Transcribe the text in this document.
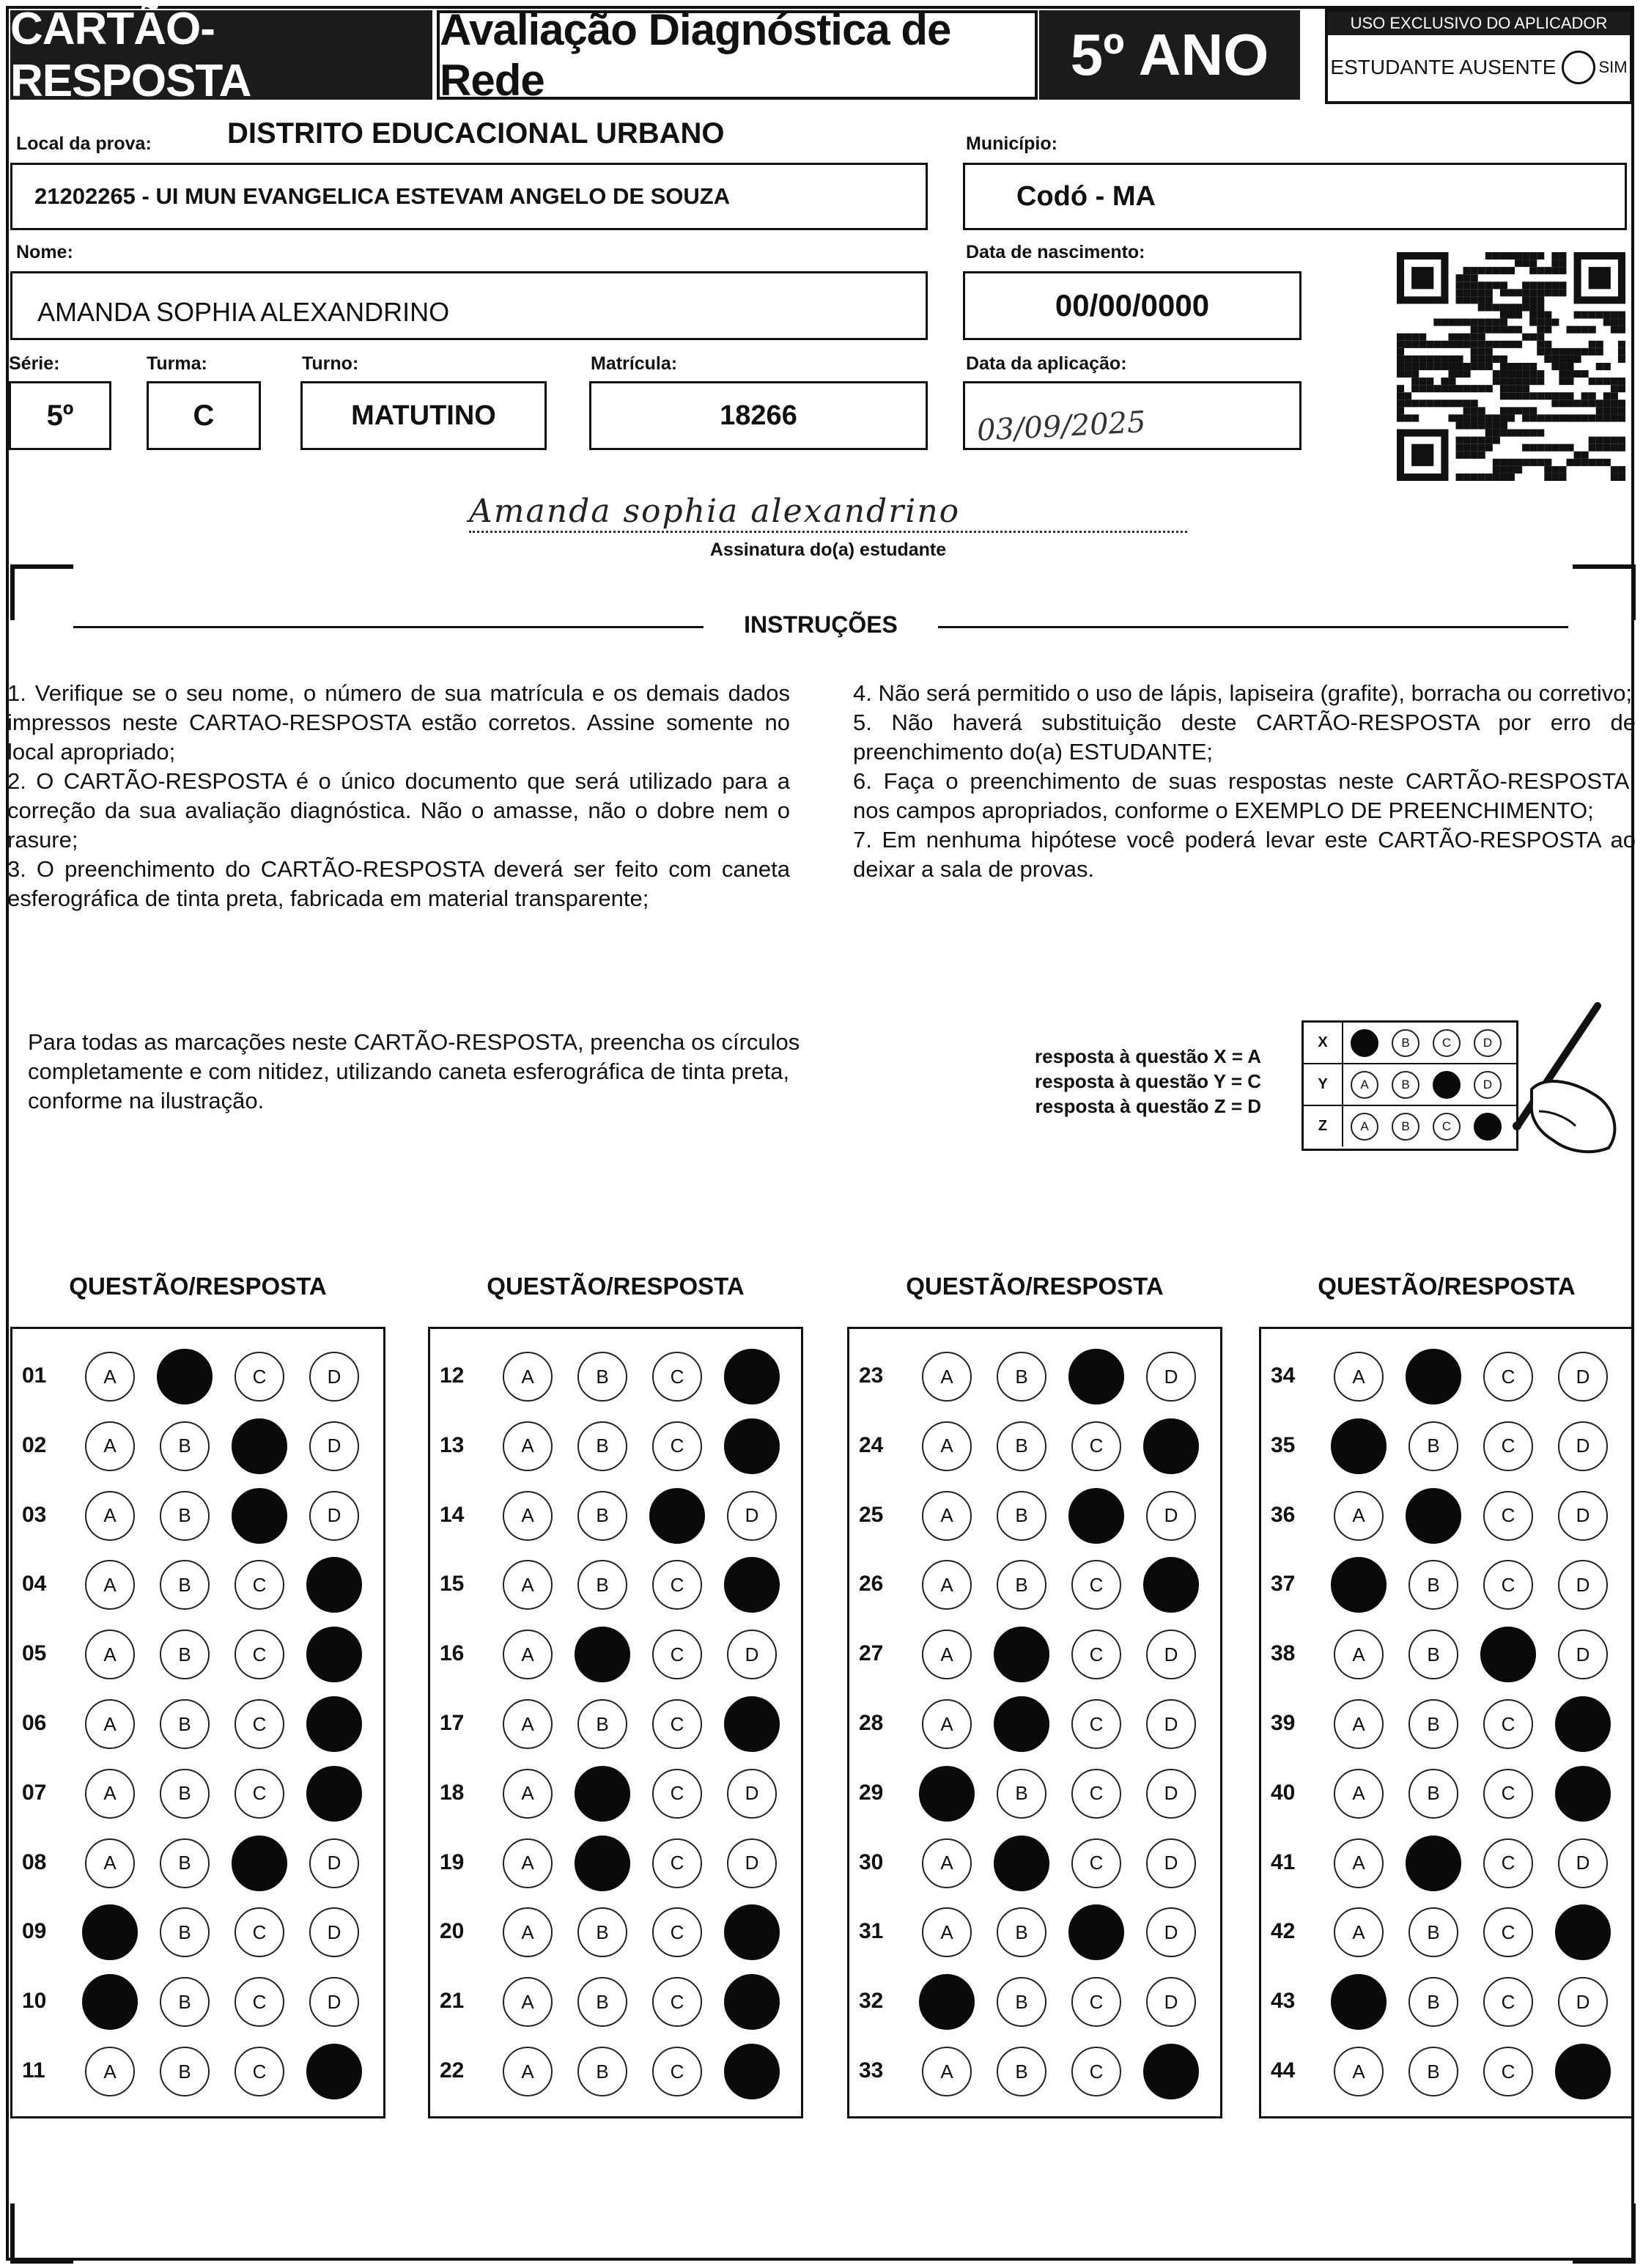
CARTÃO-RESPOSTA
Avaliação Diagnóstica de Rede	5º ANO	USO EXCLUSIVO DO APLICADOR
ESTUDANTE AUSENTE	SIM
Local da prova:	DISTRITO EDUCACIONAL URBANO
21202265 - UI MUN EVANGELICA ESTEVAM ANGELO DE SOUZA
Município:
Codó - MA
Nome:
AMANDA SOPHIA ALEXANDRINO
Data de nascimento:
00/00/0000
Série:
5º
Turma:
C
Turno:
MATUTINO
Matrícula:
18266
Data da aplicação:
03/09/2025
Amanda sophia alexandrino
Assinatura do(a) estudante
INSTRUÇÕES

1. Verifique se o seu nome, o número de sua matrícula e os demais dados impressos neste CARTAO-RESPOSTA estão corretos. Assine somente no local apropriado;

2. O CARTÃO-RESPOSTA é o único documento que será utilizado para a correção da sua avaliação diagnóstica. Não o amasse, não o dobre nem o rasure;

3. O preenchimento do CARTÃO-RESPOSTA deverá ser feito com caneta esferográfica de tinta preta, fabricada em material transparente;

4. Não será permitido o uso de lápis, lapiseira (grafite), borracha ou corretivo;

5. Não haverá substituição deste CARTÃO-RESPOSTA por erro de preenchimento do(a) ESTUDANTE;

6. Faça o preenchimento de suas respostas neste CARTÃO-RESPOSTA, nos campos apropriados, conforme o EXEMPLO DE PREENCHIMENTO;

7. Em nenhuma hipótese você poderá levar este CARTÃO-RESPOSTA ao deixar a sala de provas.

Para todas as marcações neste CARTÃO-RESPOSTA, preencha os círculos completamente e com nitidez, utilizando caneta esferográfica de tinta preta, conforme na ilustração.
resposta à questão X = A
resposta à questão Y = C
resposta à questão Z = D
X	A	B	C	D
Y	A	B	C	D
Z	A	B	C	D
QUESTÃO/RESPOSTA
01	A	B	C	D
02	A	B	C	D
03	A	B	C	D
04	A	B	C	D
05	A	B	C	D
06	A	B	C	D
07	A	B	C	D
08	A	B	C	D
09	A	B	C	D
10	A	B	C	D
11	A	B	C	D
QUESTÃO/RESPOSTA
12	A	B	C	D
13	A	B	C	D
14	A	B	C	D
15	A	B	C	D
16	A	B	C	D
17	A	B	C	D
18	A	B	C	D
19	A	B	C	D
20	A	B	C	D
21	A	B	C	D
22	A	B	C	D
QUESTÃO/RESPOSTA
23	A	B	C	D
24	A	B	C	D
25	A	B	C	D
26	A	B	C	D
27	A	B	C	D
28	A	B	C	D
29	A	B	C	D
30	A	B	C	D
31	A	B	C	D
32	A	B	C	D
33	A	B	C	D
QUESTÃO/RESPOSTA
34	A	B	C	D
35	A	B	C	D
36	A	B	C	D
37	A	B	C	D
38	A	B	C	D
39	A	B	C	D
40	A	B	C	D
41	A	B	C	D
42	A	B	C	D
43	A	B	C	D
44	A	B	C	D
